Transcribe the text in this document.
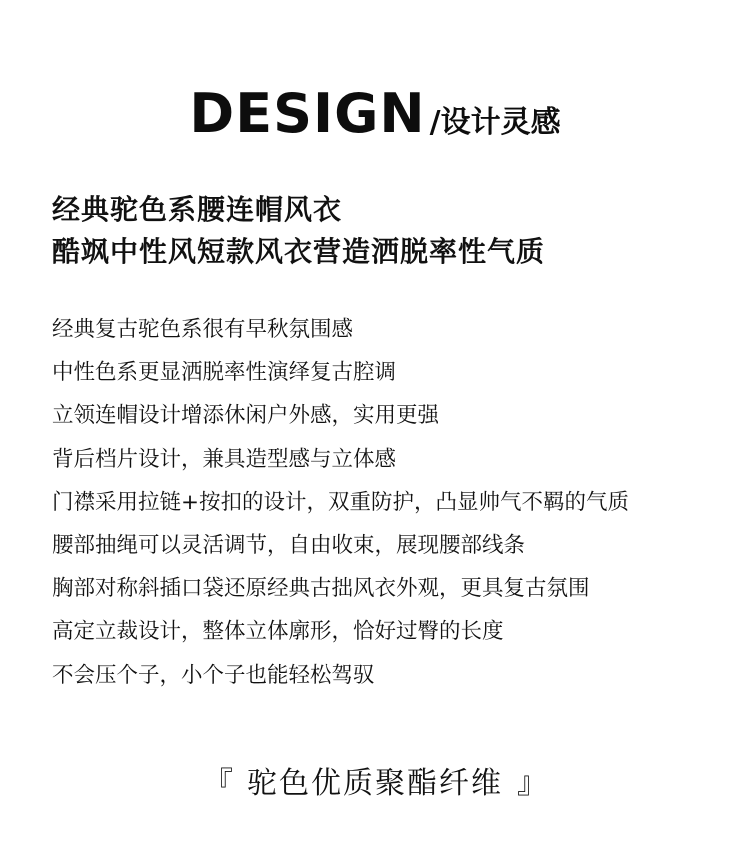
DESIGN /设计灵感
经典驼色系腰连帽风衣
酷飒中性风短款风衣营造洒脱率性气质
经典复古驼色系很有早秋氛围感
中性色系更显洒脱率性演绎复古腔调
立领连帽设计增添休闲户外感，实用更强
背后档片设计，兼具造型感与立体感
门襟采用拉链+按扣的设计，双重防护，凸显帅气不羁的气质
腰部抽绳可以灵活调节，自由收束，展现腰部线条
胸部对称斜插口袋还原经典古拙风衣外观，更具复古氛围
高定立裁设计，整体立体廓形，恰好过臀的长度
不会压个子，小个子也能轻松驾驭
『 驼色优质聚酯纤维 』
